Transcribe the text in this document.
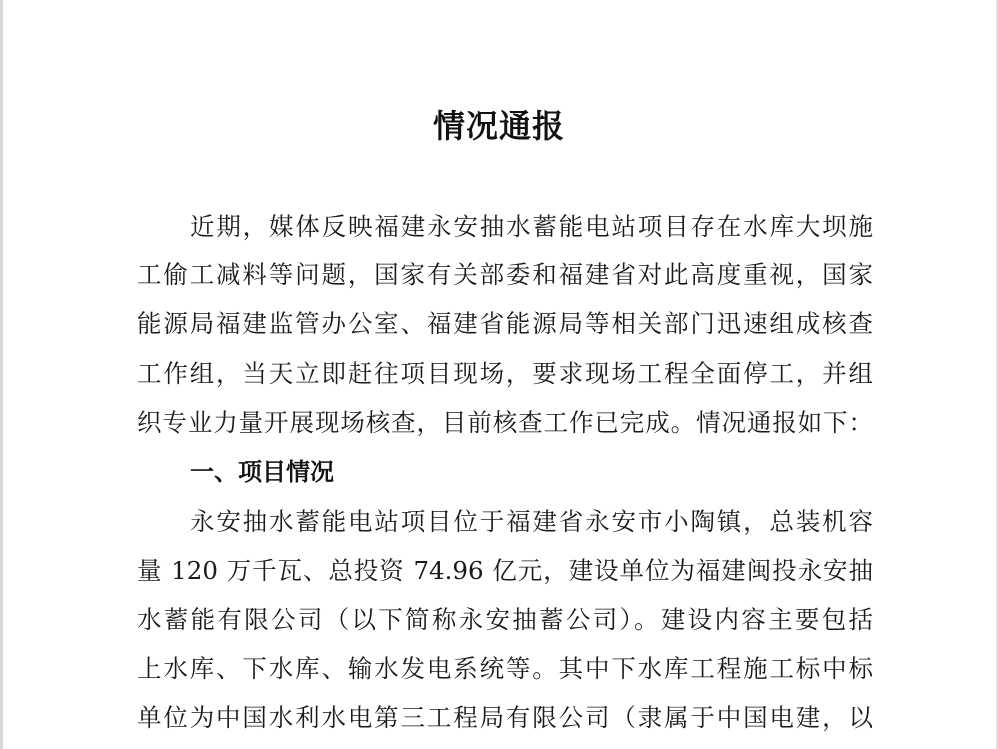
情况通报
近期，媒体反映福建永安抽水蓄能电站项目存在水库大坝施
工偷工减料等问题，国家有关部委和福建省对此高度重视，国家
能源局福建监管办公室、福建省能源局等相关部门迅速组成核查
工作组，当天立即赶往项目现场，要求现场工程全面停工，并组
织专业力量开展现场核查，目前核查工作已完成。情况通报如下：
一、项目情况
永安抽水蓄能电站项目位于福建省永安市小陶镇，总装机容
量 120 万千瓦、总投资 74.96 亿元，建设单位为福建闽投永安抽
水蓄能有限公司（以下简称永安抽蓄公司）。建设内容主要包括
上水库、下水库、输水发电系统等。其中下水库工程施工标中标
单位为中国水利水电第三工程局有限公司（隶属于中国电建，以
